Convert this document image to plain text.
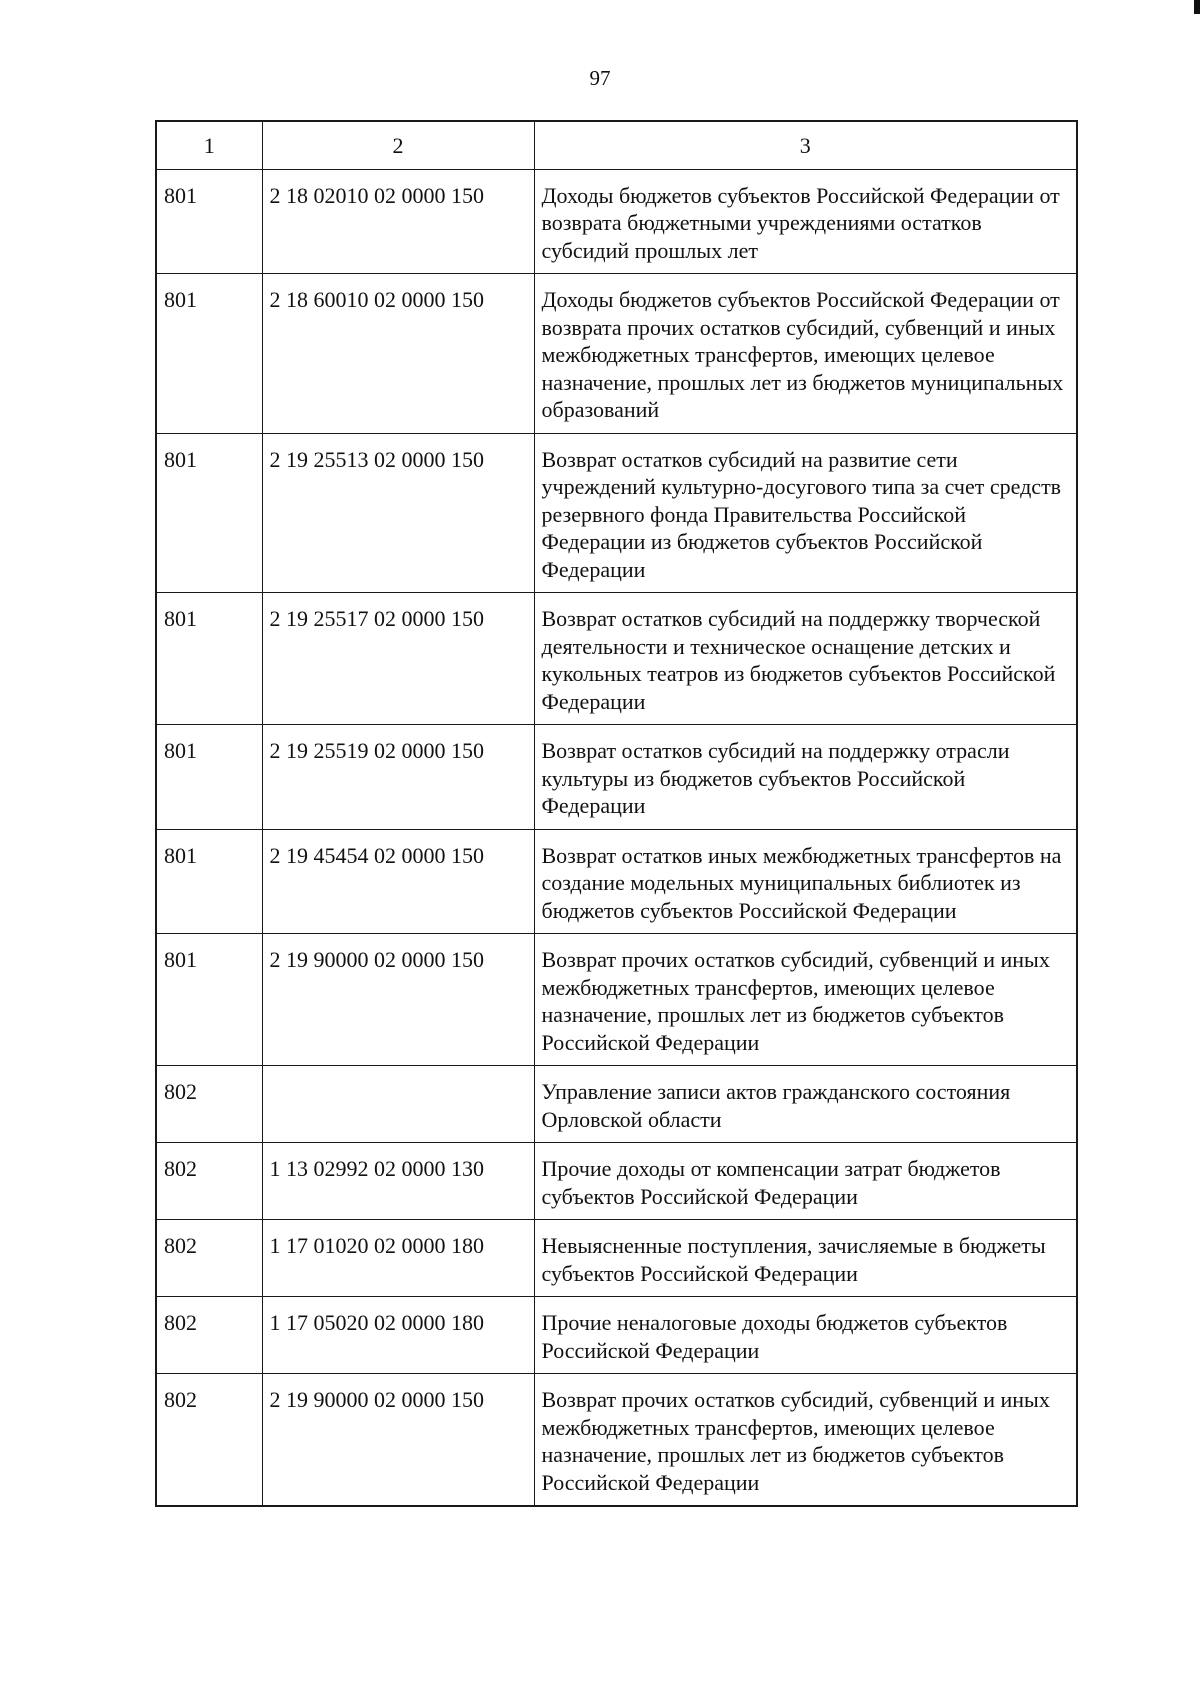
97
1	2	3
801	2 18 02010 02 0000 150	Доходы бюджетов субъектов Российской Федерации от возврата бюджетными учреждениями остатков субсидий прошлых лет
801	2 18 60010 02 0000 150	Доходы бюджетов субъектов Российской Федерации от возврата прочих остатков субсидий, субвенций и иных межбюджетных трансфертов, имеющих целевое назначение, прошлых лет из бюджетов муниципальных образований
801	2 19 25513 02 0000 150	Возврат остатков субсидий на развитие сети учреждений культурно-досугового типа за счет средств резервного фонда Правительства Российской Федерации из бюджетов субъектов Российской Федерации
801	2 19 25517 02 0000 150	Возврат остатков субсидий на поддержку творческой деятельности и техническое оснащение детских и кукольных театров из бюджетов субъектов Российской Федерации
801	2 19 25519 02 0000 150	Возврат остатков субсидий на поддержку отрасли культуры из бюджетов субъектов Российской Федерации
801	2 19 45454 02 0000 150	Возврат остатков иных межбюджетных трансфертов на создание модельных муниципальных библиотек из бюджетов субъектов Российской Федерации
801	2 19 90000 02 0000 150	Возврат прочих остатков субсидий, субвенций и иных межбюджетных трансфертов, имеющих целевое назначение, прошлых лет из бюджетов субъектов Российской Федерации
802		Управление записи актов гражданского состояния Орловской области
802	1 13 02992 02 0000 130	Прочие доходы от компенсации затрат бюджетов субъектов Российской Федерации
802	1 17 01020 02 0000 180	Невыясненные поступления, зачисляемые в бюджеты субъектов Российской Федерации
802	1 17 05020 02 0000 180	Прочие неналоговые доходы бюджетов субъектов Российской Федерации
802	2 19 90000 02 0000 150	Возврат прочих остатков субсидий, субвенций и иных межбюджетных трансфертов, имеющих целевое назначение, прошлых лет из бюджетов субъектов Российской Федерации
